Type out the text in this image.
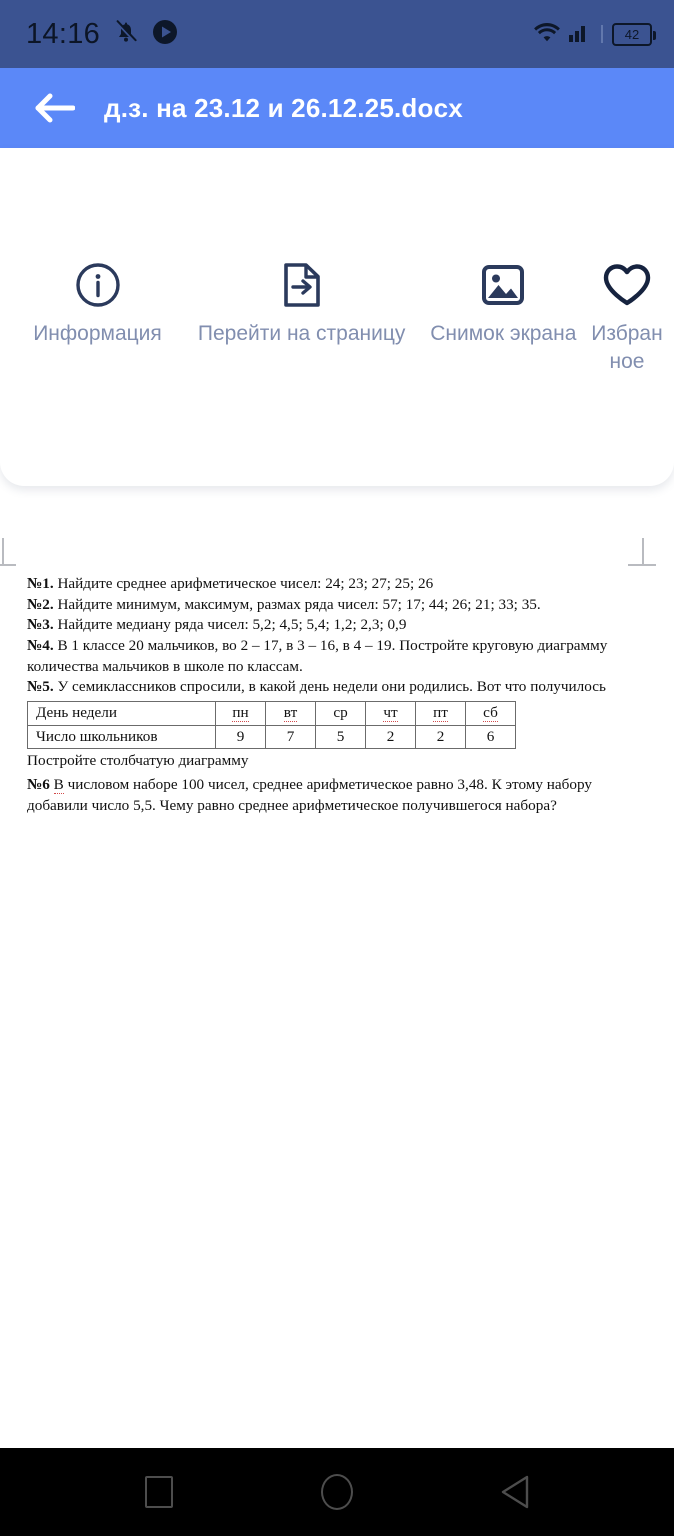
14:16	42
д.з. на 23.12 и 26.12.25.docx
Информация Перейти на страницу Снимок экрана Избранное

№1. Найдите среднее арифметическое чисел: 24; 23; 27; 25; 26

№2. Найдите минимум, максимум, размах ряда чисел: 57; 17; 44; 26; 21; 33; 35.

№3. Найдите медиану ряда чисел: 5,2; 4,5; 5,4; 1,2; 2,3; 0,9

№4. В 1 классе 20 мальчиков, во 2 – 17, в 3 – 16, в 4 – 19. Постройте круговую диаграмму количества мальчиков в школе по классам.

№5. У семиклассников спросили, в какой день недели они родились. Вот что получилось

День недели	пн	вт	ср	чт	пт	сб
Число школьников	9	7	5	2	2	6

Постройте столбчатую диаграмму

№6 В числовом наборе 100 чисел, среднее арифметическое равно 3,48. К этому набору добавили число 5,5. Чему равно среднее арифметическое получившегося набора?
